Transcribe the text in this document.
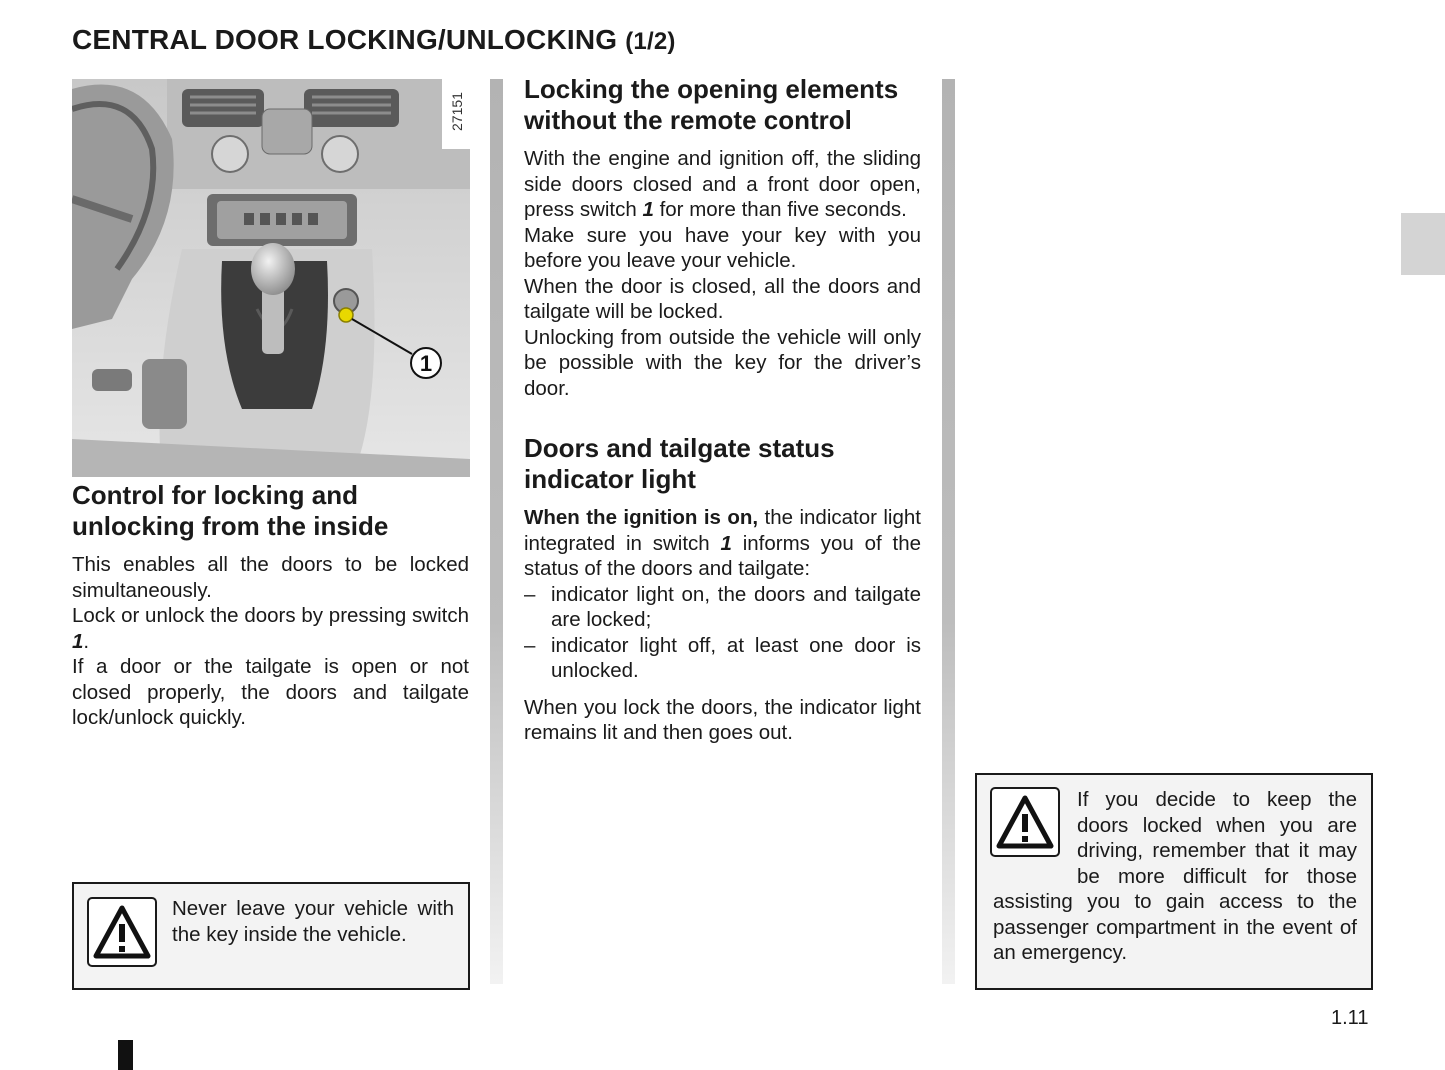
CENTRAL DOOR LOCKING/UNLOCKING (1/2)
1
27151
Control for locking and unlocking from the inside

This enables all the doors to be locked simultaneously.

Lock or unlock the doors by pressing switch 1.

If a door or the tailgate is open or not closed properly, the doors and tailgate lock/unlock quickly.

Locking the opening elements without the remote control

With the engine and ignition off, the sliding side doors closed and a front door open, press switch 1 for more than five seconds.

Make sure you have your key with you before you leave your vehicle.

When the door is closed, all the doors and tailgate will be locked.

Unlocking from outside the vehicle will only be possible with the key for the driver’s door.

Doors and tailgate status indicator light

When the ignition is on, the indicator light integrated in switch 1 informs you of the status of the doors and tailgate:

– indicator light on, the doors and tailgate are locked;
– indicator light off, at least one door is unlocked.

When you lock the doors, the indicator light remains lit and then goes out.

Never leave your vehicle with the key inside the vehicle.
If you decide to keep the doors locked when you are driving, remember that it may be more difficult for those assisting you to gain access to the passenger compartment in the event of an emergency.
1.11
